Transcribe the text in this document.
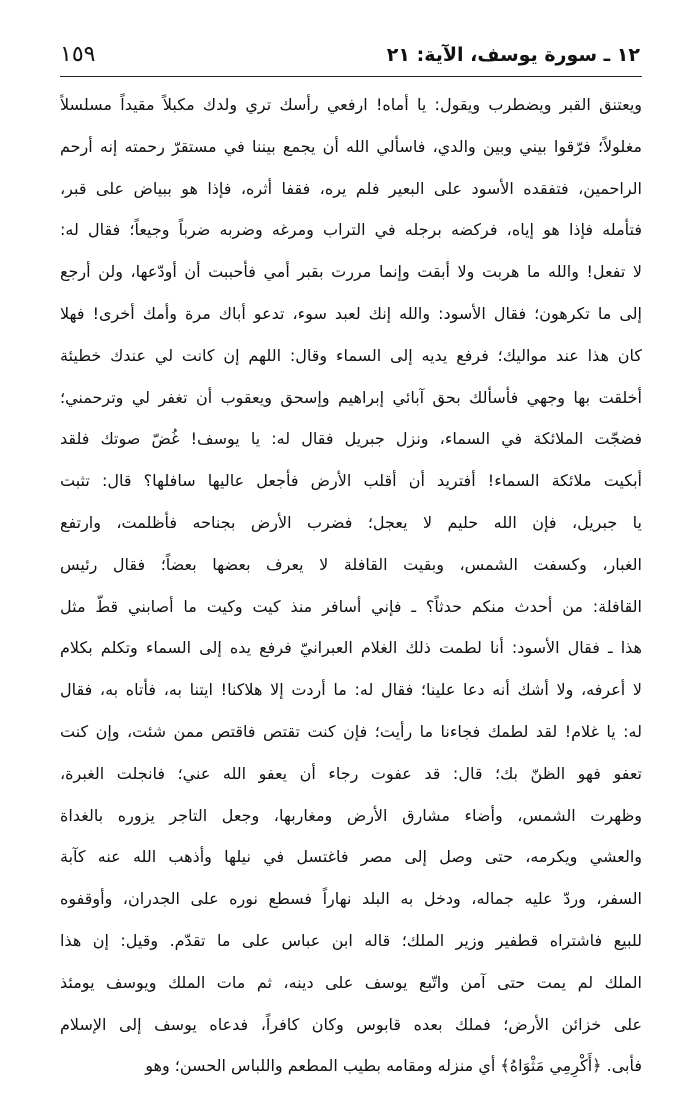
١٥٩	١٢ ـ سورة يوسف، الآية: ٢١
ويعتنق القبر ويضطرب ويقول: يا أماه! ارفعي رأسك تري ولدك مكبلاً مقيداً مسلسلاً
مغلولاً؛ فرّقوا بيني وبين والدي، فاسألي الله أن يجمع بيننا في مستقرّ رحمته إنه أرحم
الراحمين، فتفقده الأسود على البعير فلم يره، فقفا أثره، فإذا هو ببياض على قبر،
فتأمله فإذا هو إياه، فركضه برجله في التراب ومرغه وضربه ضرباً وجيعاً؛ فقال له:
لا تفعل! والله ما هربت ولا أبقت وإنما مررت بقبر أمي فأحببت أن أودّعها، ولن أرجع
إلى ما تكرهون؛ فقال الأسود: والله إنك لعبد سوء، تدعو أباك مرة وأمك أخرى! فهلا
كان هذا عند مواليك؛ فرفع يديه إلى السماء وقال: اللهم إن كانت لي عندك خطيئة
أخلقت بها وجهي فأسألك بحق آبائي إبراهيم وإسحق ويعقوب أن تغفر لي وترحمني؛
فضجّت الملائكة في السماء، ونزل جبريل فقال له: يا يوسف! غُضّ صوتك فلقد
أبكيت ملائكة السماء! أفتريد أن أقلب الأرض فأجعل عاليها سافلها؟ قال: تثبت
يا جبريل، فإن الله حليم لا يعجل؛ فضرب الأرض بجناحه فأظلمت، وارتفع
الغبار، وكسفت الشمس، وبقيت القافلة لا يعرف بعضها بعضاً؛ فقال رئيس
القافلة: من أحدث منكم حدثاً؟ ـ فإني أسافر منذ كيت وكيت ما أصابني قطّ مثل
هذا ـ فقال الأسود: أنا لطمت ذلك الغلام العبرانيّ فرفع يده إلى السماء وتكلم بكلام
لا أعرفه، ولا أشك أنه دعا علينا؛ فقال له: ما أردت إلا هلاكنا! ايتنا به، فأتاه به، فقال
له: يا غلام! لقد لطمك فجاءنا ما رأيت؛ فإن كنت تقتص فاقتص ممن شئت، وإن كنت
تعفو فهو الظنّ بك؛ قال: قد عفوت رجاء أن يعفو الله عني؛ فانجلت الغبرة،
وظهرت الشمس، وأضاء مشارق الأرض ومغاربها، وجعل التاجر يزوره بالغداة
والعشي ويكرمه، حتى وصل إلى مصر فاغتسل في نيلها وأذهب الله عنه كآبة
السفر، وردّ عليه جماله، ودخل به البلد نهاراً فسطع نوره على الجدران، وأوقفوه
للبيع فاشتراه قطفير وزير الملك؛ قاله ابن عباس على ما تقدّم. وقيل: إن هذا
الملك لم يمت حتى آمن واتّبع يوسف على دينه، ثم مات الملك ويوسف يومئذ
على خزائن الأرض؛ فملك بعده قابوس وكان كافراً، فدعاه يوسف إلى الإسلام
فأبى. ﴿أَكْرِمِي مَثْوَاهُ﴾ أي منزله ومقامه بطيب المطعم واللباس الحسن؛ وهو
